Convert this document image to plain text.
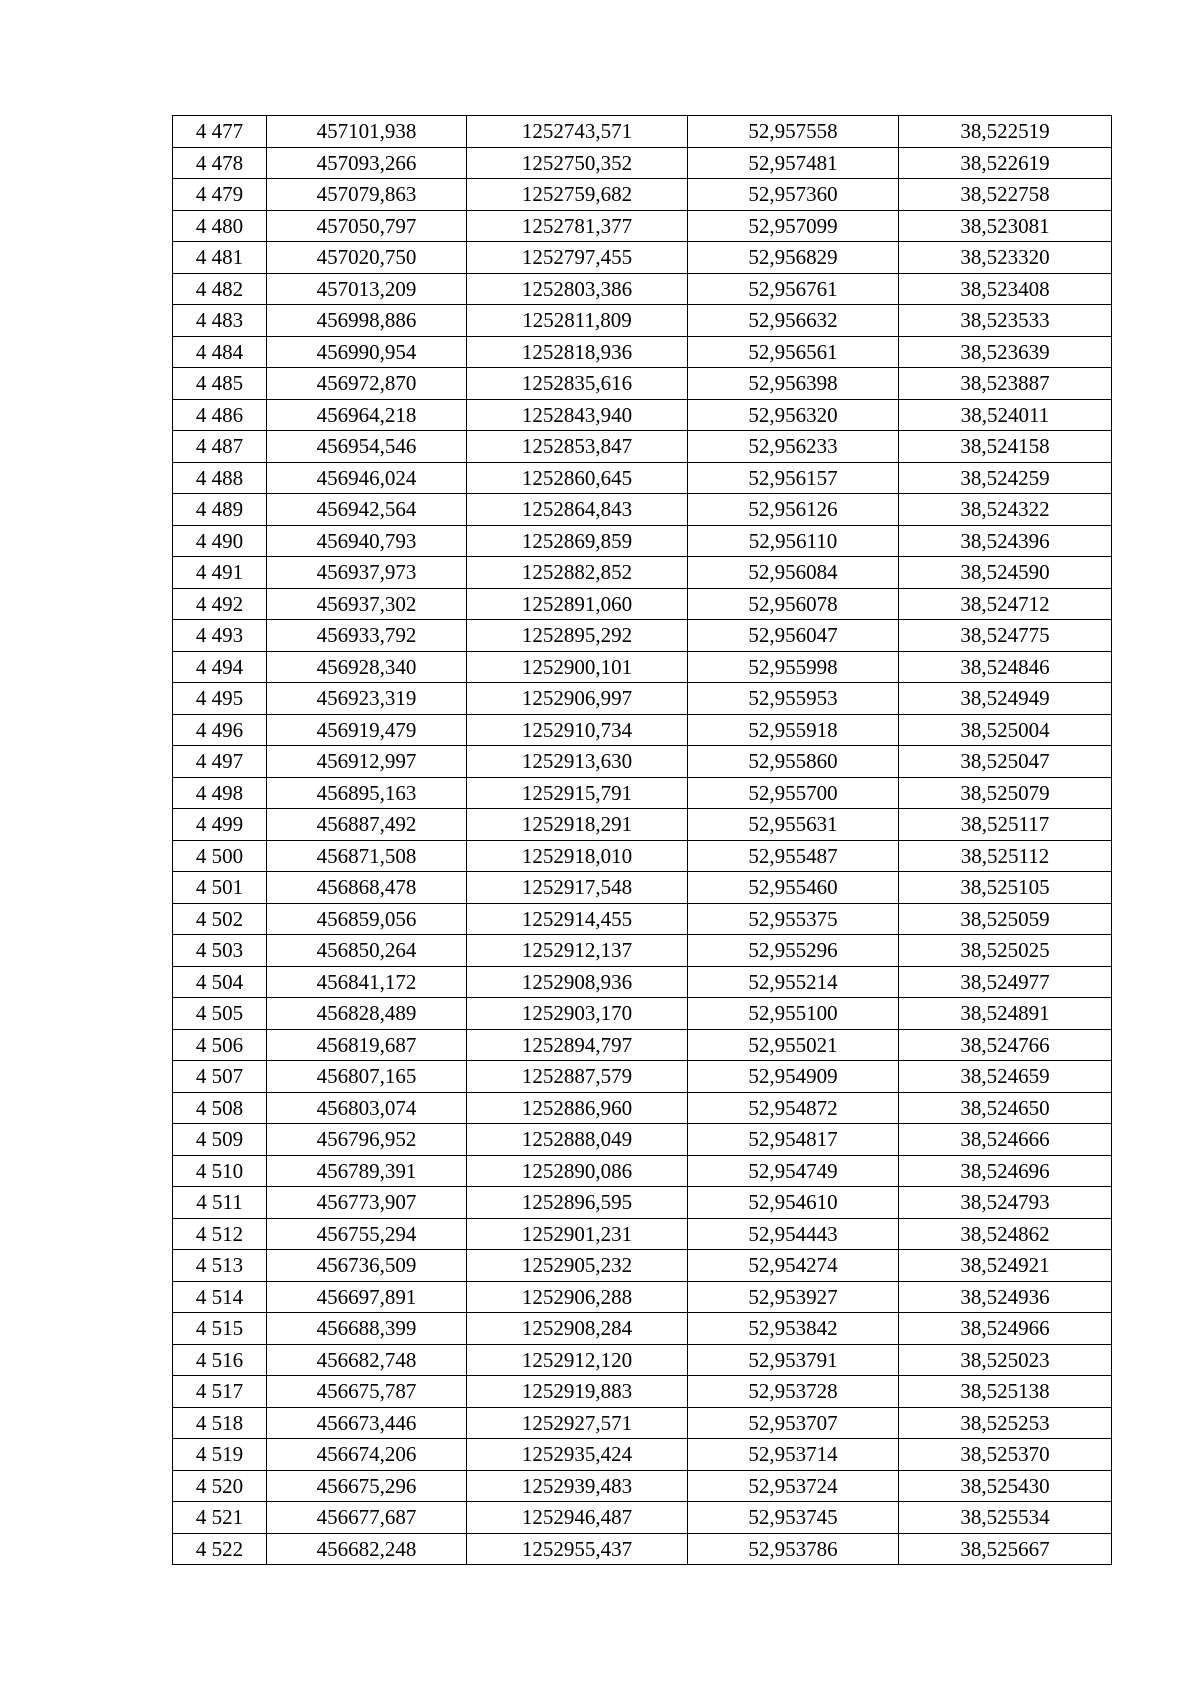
4 477	457101,938	1252743,571	52,957558	38,522519
4 478	457093,266	1252750,352	52,957481	38,522619
4 479	457079,863	1252759,682	52,957360	38,522758
4 480	457050,797	1252781,377	52,957099	38,523081
4 481	457020,750	1252797,455	52,956829	38,523320
4 482	457013,209	1252803,386	52,956761	38,523408
4 483	456998,886	1252811,809	52,956632	38,523533
4 484	456990,954	1252818,936	52,956561	38,523639
4 485	456972,870	1252835,616	52,956398	38,523887
4 486	456964,218	1252843,940	52,956320	38,524011
4 487	456954,546	1252853,847	52,956233	38,524158
4 488	456946,024	1252860,645	52,956157	38,524259
4 489	456942,564	1252864,843	52,956126	38,524322
4 490	456940,793	1252869,859	52,956110	38,524396
4 491	456937,973	1252882,852	52,956084	38,524590
4 492	456937,302	1252891,060	52,956078	38,524712
4 493	456933,792	1252895,292	52,956047	38,524775
4 494	456928,340	1252900,101	52,955998	38,524846
4 495	456923,319	1252906,997	52,955953	38,524949
4 496	456919,479	1252910,734	52,955918	38,525004
4 497	456912,997	1252913,630	52,955860	38,525047
4 498	456895,163	1252915,791	52,955700	38,525079
4 499	456887,492	1252918,291	52,955631	38,525117
4 500	456871,508	1252918,010	52,955487	38,525112
4 501	456868,478	1252917,548	52,955460	38,525105
4 502	456859,056	1252914,455	52,955375	38,525059
4 503	456850,264	1252912,137	52,955296	38,525025
4 504	456841,172	1252908,936	52,955214	38,524977
4 505	456828,489	1252903,170	52,955100	38,524891
4 506	456819,687	1252894,797	52,955021	38,524766
4 507	456807,165	1252887,579	52,954909	38,524659
4 508	456803,074	1252886,960	52,954872	38,524650
4 509	456796,952	1252888,049	52,954817	38,524666
4 510	456789,391	1252890,086	52,954749	38,524696
4 511	456773,907	1252896,595	52,954610	38,524793
4 512	456755,294	1252901,231	52,954443	38,524862
4 513	456736,509	1252905,232	52,954274	38,524921
4 514	456697,891	1252906,288	52,953927	38,524936
4 515	456688,399	1252908,284	52,953842	38,524966
4 516	456682,748	1252912,120	52,953791	38,525023
4 517	456675,787	1252919,883	52,953728	38,525138
4 518	456673,446	1252927,571	52,953707	38,525253
4 519	456674,206	1252935,424	52,953714	38,525370
4 520	456675,296	1252939,483	52,953724	38,525430
4 521	456677,687	1252946,487	52,953745	38,525534
4 522	456682,248	1252955,437	52,953786	38,525667
